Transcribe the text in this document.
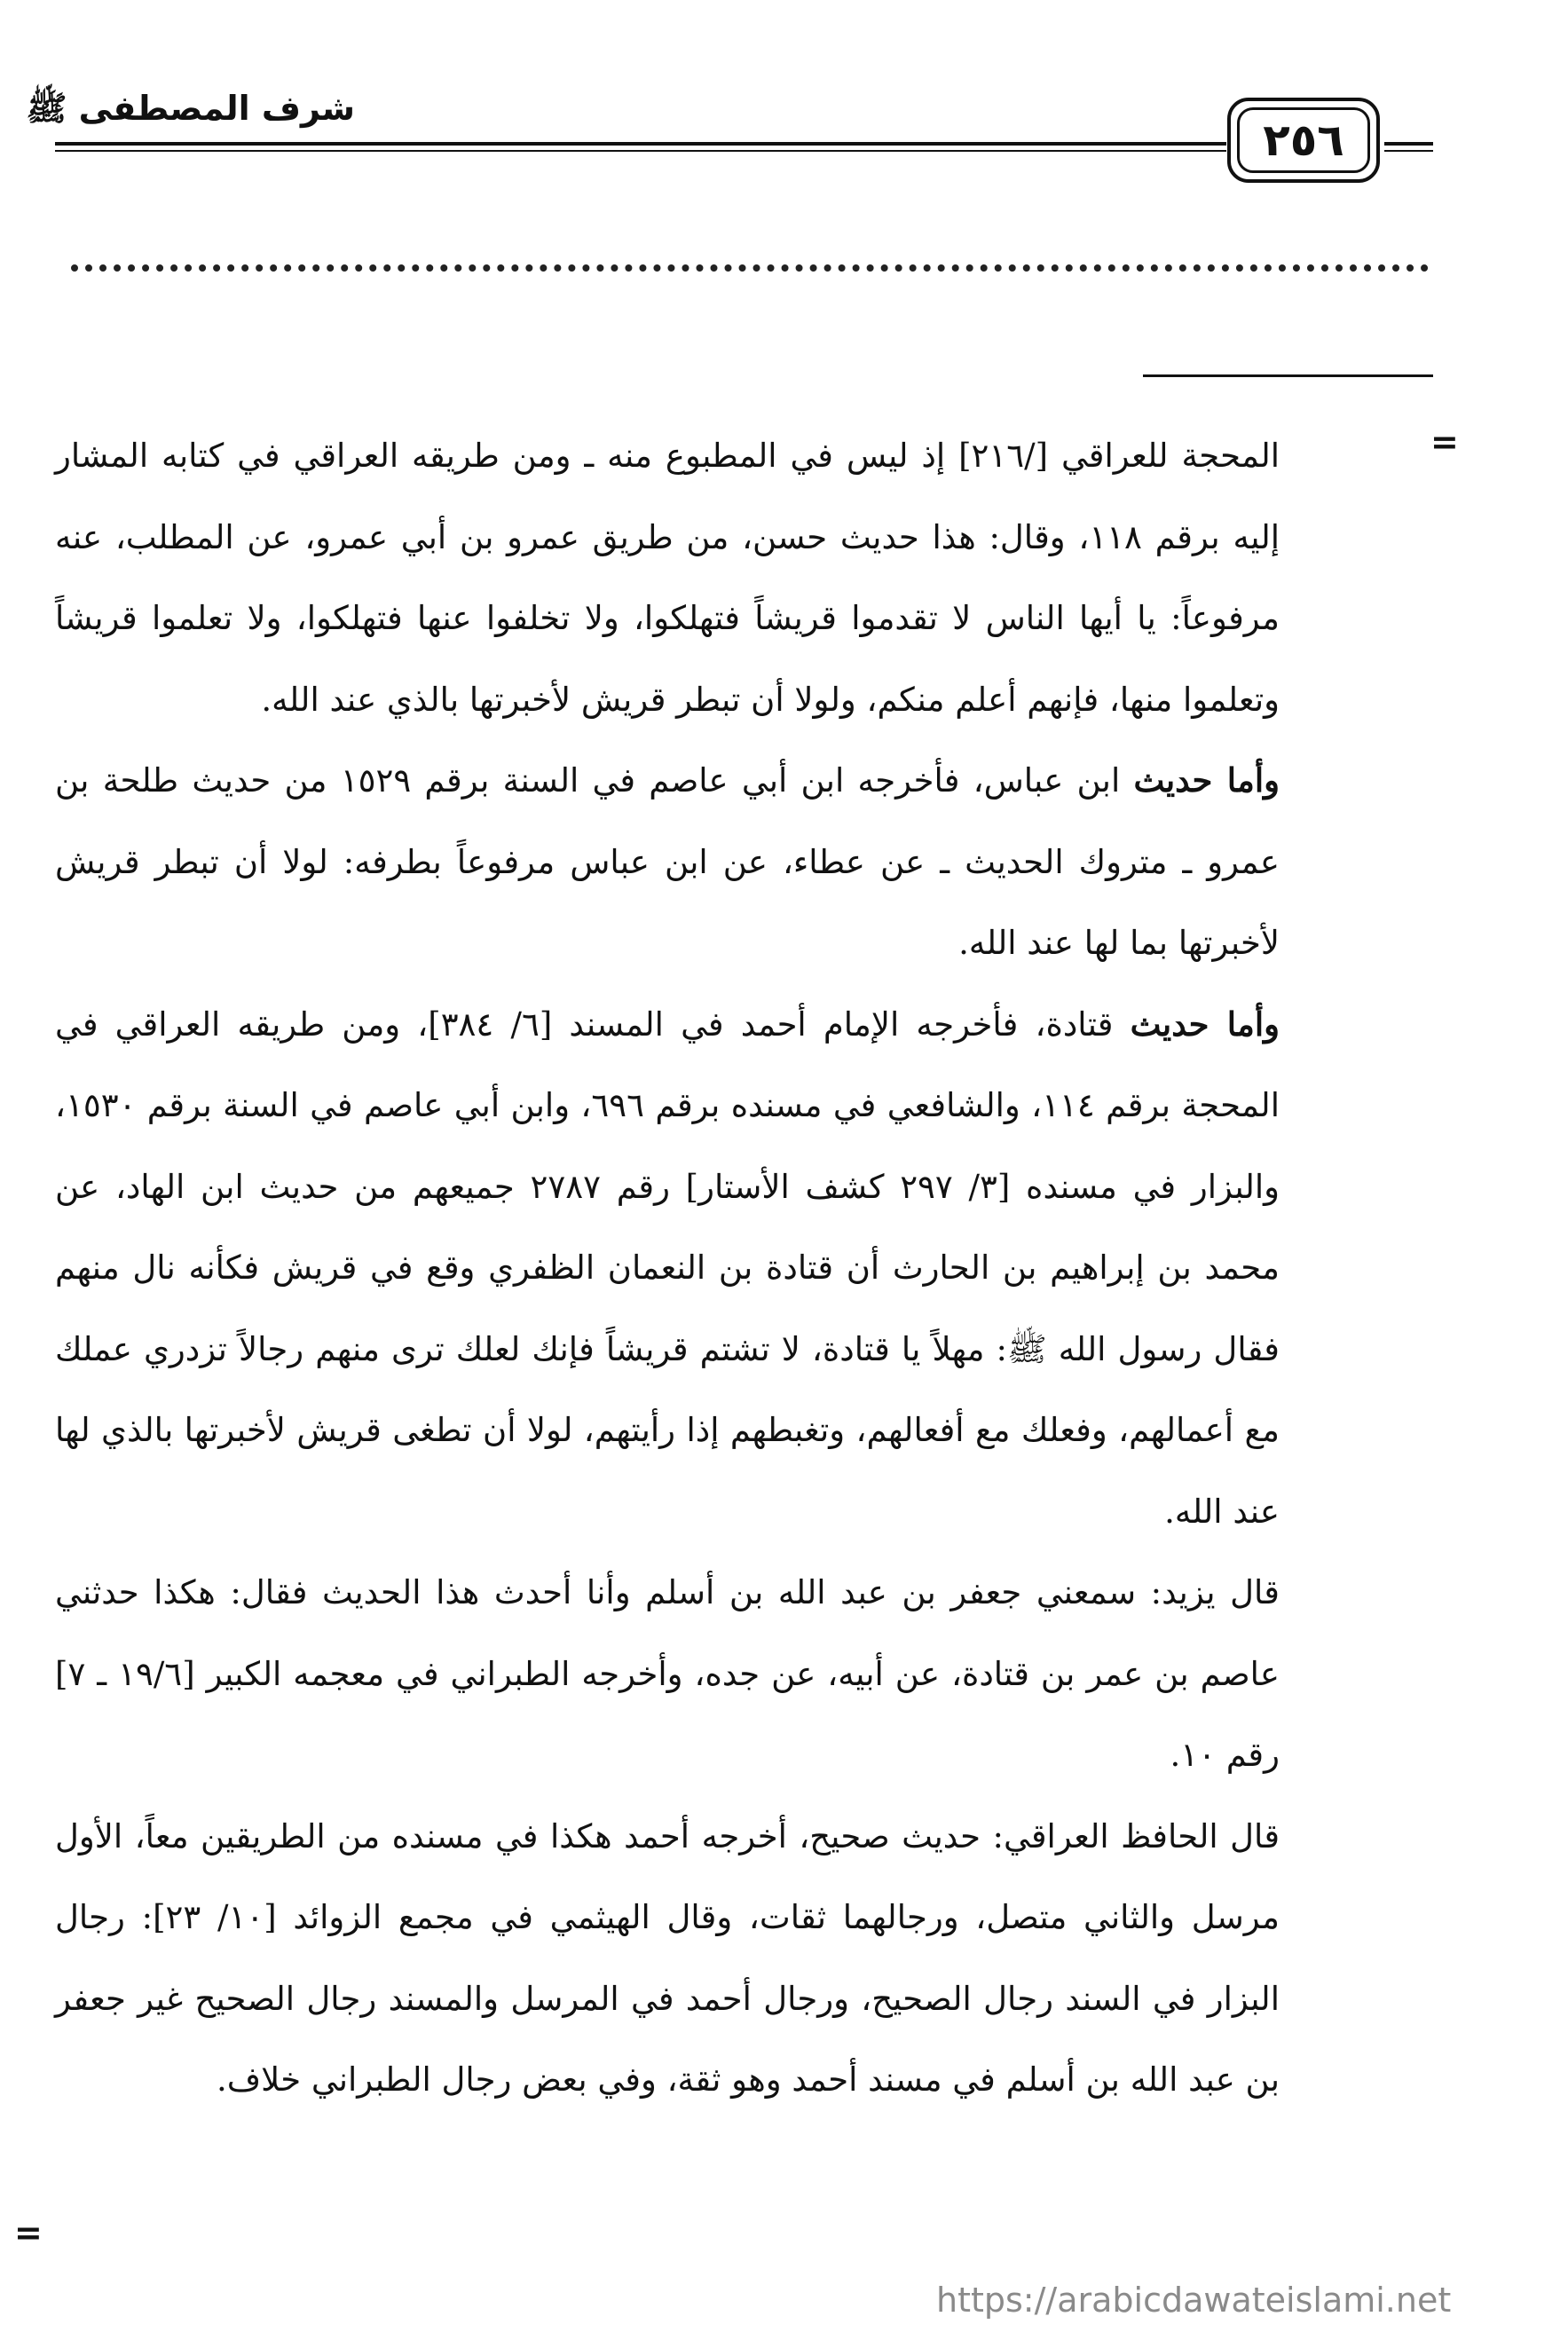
شرف المصطفى ﷺ
٢٥٦
=

المحجة للعراقي [/٢١٦] إذ ليس في المطبوع منه ـ ومن طريقه العراقي في كتابه المشار إليه برقم ١١٨، وقال: هذا حديث حسن، من طريق عمرو بن أبي عمرو، عن المطلب، عنه مرفوعاً: يا أيها الناس لا تقدموا قريشاً فتهلكوا، ولا تخلفوا عنها فتهلكوا، ولا تعلموا قريشاً وتعلموا منها، فإنهم أعلم منكم، ولولا أن تبطر قريش لأخبرتها بالذي عند الله.

وأما حديث ابن عباس، فأخرجه ابن أبي عاصم في السنة برقم ١٥٢٩ من حديث طلحة بن عمرو ـ متروك الحديث ـ عن عطاء، عن ابن عباس مرفوعاً بطرفه: لولا أن تبطر قريش لأخبرتها بما لها عند الله.

وأما حديث قتادة، فأخرجه الإمام أحمد في المسند [٦/ ٣٨٤]، ومن طريقه العراقي في المحجة برقم ١١٤، والشافعي في مسنده برقم ٦٩٦، وابن أبي عاصم في السنة برقم ١٥٣٠، والبزار في مسنده [٣/ ٢٩٧ كشف الأستار] رقم ٢٧٨٧ جميعهم من حديث ابن الهاد، عن محمد بن إبراهيم بن الحارث أن قتادة بن النعمان الظفري وقع في قريش فكأنه نال منهم فقال رسول الله ﷺ: مهلاً يا قتادة، لا تشتم قريشاً فإنك لعلك ترى منهم رجالاً تزدري عملك مع أعمالهم، وفعلك مع أفعالهم، وتغبطهم إذا رأيتهم، لولا أن تطغى قريش لأخبرتها بالذي لها عند الله.

قال يزيد: سمعني جعفر بن عبد الله بن أسلم وأنا أحدث هذا الحديث فقال: هكذا حدثني عاصم بن عمر بن قتادة، عن أبيه، عن جده، وأخرجه الطبراني في معجمه الكبير [١٩/٦ ـ ٧] رقم ١٠.

قال الحافظ العراقي: حديث صحيح، أخرجه أحمد هكذا في مسنده من الطريقين معاً، الأول مرسل والثاني متصل، ورجالهما ثقات، وقال الهيثمي في مجمع الزوائد [١٠/ ٢٣]: رجال البزار في السند رجال الصحيح، ورجال أحمد في المرسل والمسند رجال الصحيح غير جعفر بن عبد الله بن أسلم في مسند أحمد وهو ثقة، وفي بعض رجال الطبراني خلاف.

=
https://arabicdawateislami.net
